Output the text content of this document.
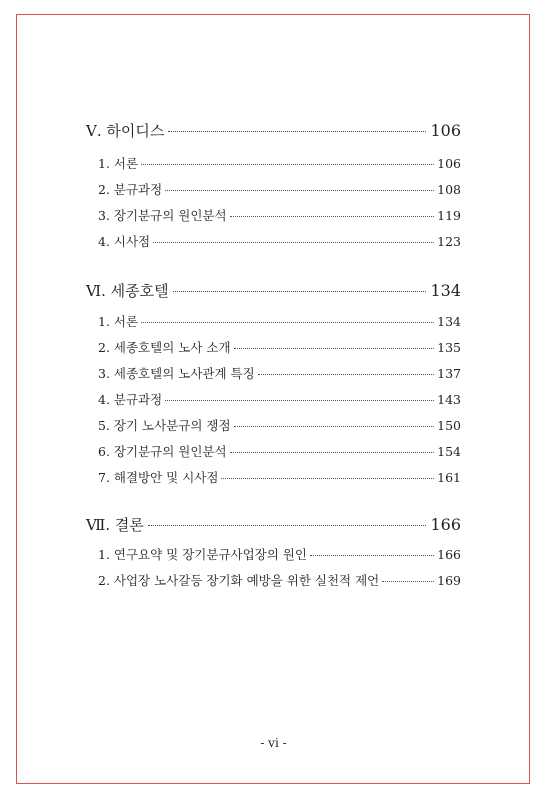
Ⅴ. 하이디스	106
1. 서론	106
2. 분규과정	108
3. 장기분규의 원인분석	119
4. 시사점	123
Ⅵ. 세종호텔	134
1. 서론	134
2. 세종호텔의 노사 소개	135
3. 세종호텔의 노사관계 특징	137
4. 분규과정	143
5. 장기 노사분규의 쟁점	150
6. 장기분규의 원인분석	154
7. 해결방안 및 시사점	161
Ⅶ. 결론	166
1. 연구요약 및 장기분규사업장의 원인	166
2. 사업장 노사갈등 장기화 예방을 위한 실천적 제언	169
- vi -
